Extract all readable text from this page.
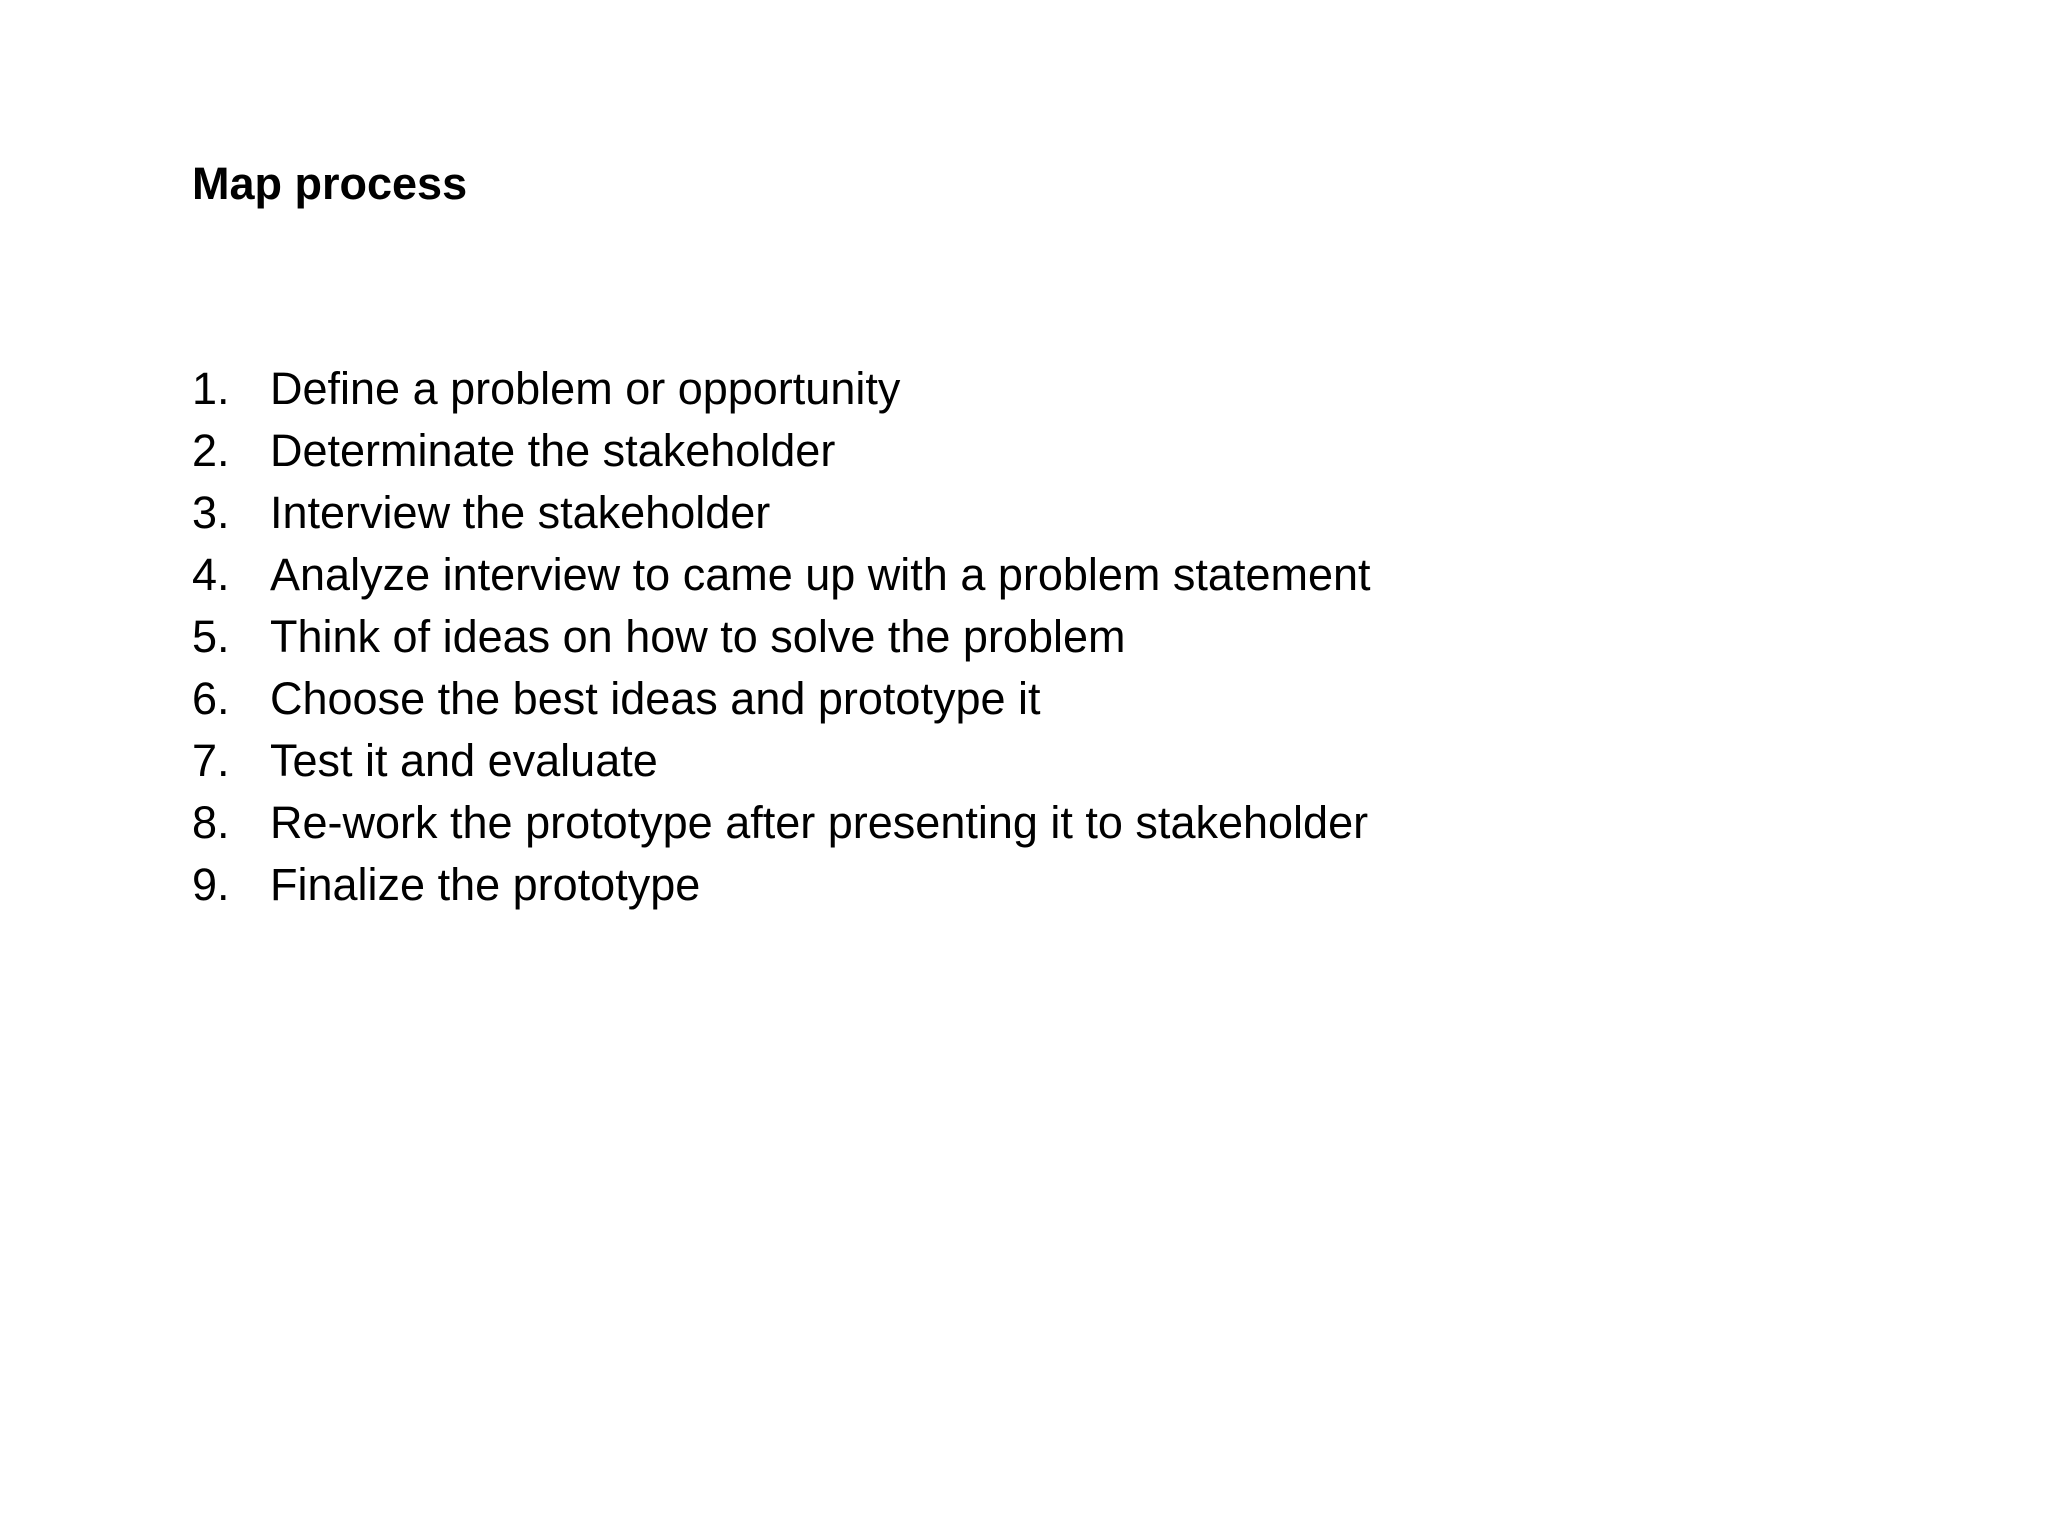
Map process
1. Define a problem or opportunity
2. Determinate the stakeholder
3. Interview the stakeholder
4. Analyze interview to came up with a problem statement
5. Think of ideas on how to solve the problem
6. Choose the best ideas and prototype it
7. Test it and evaluate
8. Re-work the prototype after presenting it to stakeholder
9. Finalize the prototype
